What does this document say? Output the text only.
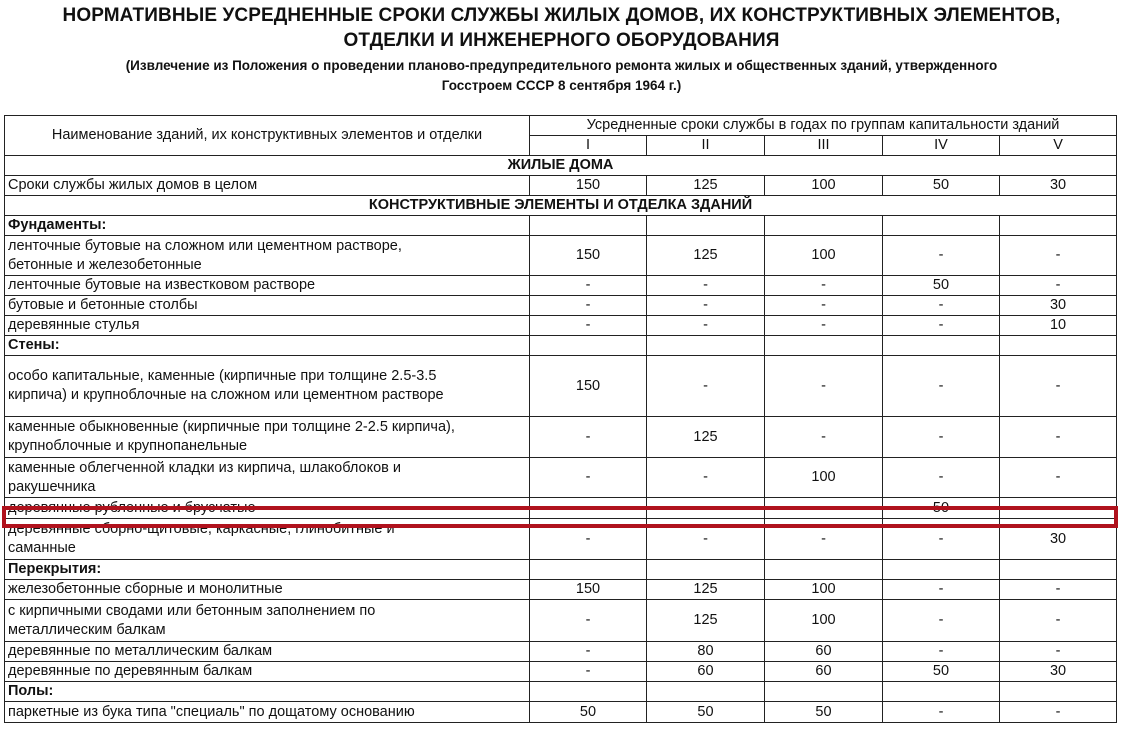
НОРМАТИВНЫЕ УСРЕДНЕННЫЕ СРОКИ СЛУЖБЫ ЖИЛЫХ ДОМОВ, ИХ КОНСТРУКТИВНЫХ ЭЛЕМЕНТОВ,
ОТДЕЛКИ И ИНЖЕНЕРНОГО ОБОРУДОВАНИЯ
(Извлечение из Положения о проведении планово-предупредительного ремонта жилых и общественных зданий, утвержденного
Госстроем СССР 8 сентября 1964 г.)
Наименование зданий, их конструктивных элементов и отделки	Усредненные сроки службы в годах по группам капитальности зданий				
	I	II	III	IV	V
ЖИЛЫЕ ДОМА					
Сроки службы жилых домов в целом	150	125	100	50	30
КОНСТРУКТИВНЫЕ ЭЛЕМЕНТЫ И ОТДЕЛКА ЗДАНИЙ					
Фундаменты:					

ленточные бутовые на сложном или цементном растворе,
бетонные и железобетонные	150	125	100	-	-

ленточные бутовые на известковом растворе	-	-	-	50	-

бутовые и бетонные столбы	-	-	-	-	30

деревянные стулья	-	-	-	-	10
Стены:					

особо капитальные, каменные (кирпичные при толщине 2.5-3.5
кирпича) и крупноблочные на сложном или цементном растворе	150	-	-	-	-

каменные обыкновенные (кирпичные при толщине 2-2.5 кирпича),
крупноблочные и крупнопанельные	-	125	-	-	-

каменные облегченной кладки из кирпича, шлакоблоков и
ракушечника	-	-	100	-	-

деревянные рубленные и брусчатые	-	-	-	50	-

деревянные сборно-щитовые, каркасные; глинобитные и
саманные	-	-	-	-	30
Перекрытия:					

железобетонные сборные и монолитные	150	125	100	-	-

с кирпичными сводами или бетонным заполнением по
металлическим балкам	-	125	100	-	-

деревянные по металлическим балкам	-	80	60	-	-

деревянные по деревянным балкам	-	60	60	50	30
Полы:					

паркетные из бука типа "специаль" по дощатому основанию	50	50	50	-	-
